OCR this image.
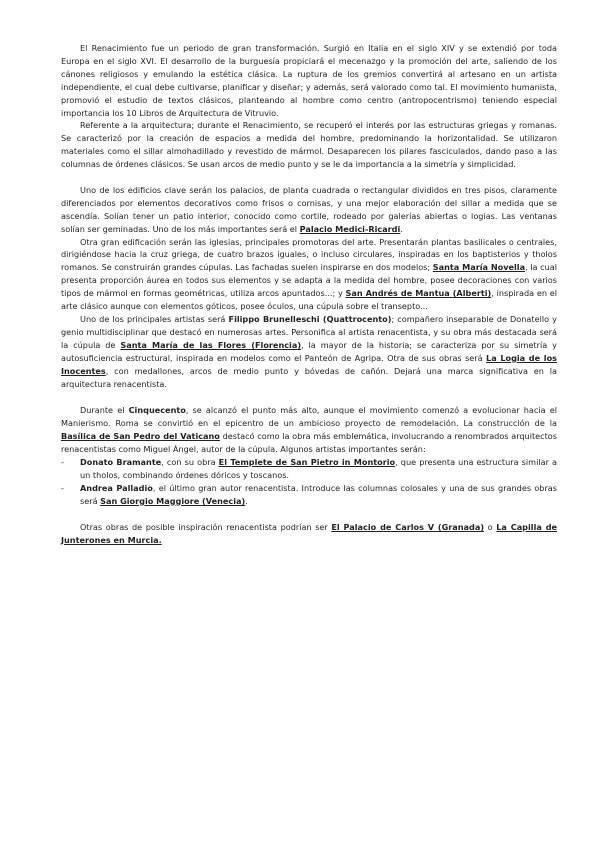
El Renacimiento fue un periodo de gran transformación. Surgió en Italia en el siglo XIV y se extendió por toda Europa en el siglo XVI. El desarrollo de la burguesía propiciará el mecenazgo y la promoción del arte, saliendo de los cánones religiosos y emulando la estética clásica. La ruptura de los gremios convertirá al artesano en un artista independiente, el cual debe cultivarse, planificar y diseñar; y además, será valorado como tal. El movimiento humanista, promovió el estudio de textos clásicos, planteando al hombre como centro (antropocentrismo) teniendo especial importancia los 10 Libros de Arquitectura de Vitruvio.

Referente a la arquitectura; durante el Renacimiento, se recuperó el interés por las estructuras griegas y romanas. Se caracterizó por la creación de espacios a medida del hombre, predominando la horizontalidad. Se utilizaron materiales como el sillar almohadillado y revestido de mármol. Desaparecen los pilares fasciculados, dando paso a las columnas de órdenes clásicos. Se usan arcos de medio punto y se le da importancia a la simetría y simplicidad.

Uno de los edificios clave serán los palacios, de planta cuadrada o rectangular divididos en tres pisos, claramente diferenciados por elementos decorativos como frisos o cornisas, y una mejor elaboración del sillar a medida que se ascendía. Solían tener un patio interior, conocido como cortile, rodeado por galerías abiertas o logias. Las ventanas solían ser geminadas. Uno de los más importantes será el Palacio Medici-Ricardi.

Otra gran edificación serán las iglesias, principales promotoras del arte. Presentarán plantas basilicales o centrales, dirigiéndose hacia la cruz griega, de cuatro brazos iguales, o incluso circulares, inspiradas en los baptisterios y tholos romanos. Se construirán grandes cúpulas. Las fachadas suelen inspirarse en dos modelos; Santa María Novella, la cual presenta proporción áurea en todos sus elementos y se adapta a la medida del hombre, posee decoraciones con varios tipos de mármol en formas geométricas, utiliza arcos apuntados...; y San Andrés de Mantua (Alberti), inspirada en el arte clásico aunque con elementos góticos, posee óculos, una cúpula sobre el transepto...

Uno de los principales artistas será Filippo Brunelleschi (Quattrocento); compañero inseparable de Donatello y genio multidisciplinar que destacó en numerosas artes. Personifica al artista renacentista, y su obra más destacada será la cúpula de Santa María de las Flores (Florencia), la mayor de la historia; se caracteriza por su simetría y autosuficiencia estructural, inspirada en modelos como el Panteón de Agripa. Otra de sus obras será La Logia de los Inocentes, con medallones, arcos de medio punto y bóvedas de cañón. Dejará una marca significativa en la arquitectura renacentista.

Durante el Cinquecento, se alcanzó el punto más alto, aunque el movimiento comenzó a evolucionar hacia el Manierismo. Roma se convirtió en el epicentro de un ambicioso proyecto de remodelación. La construcción de la Basílica de San Pedro del Vaticano destacó como la obra más emblemática, involucrando a renombrados arquitectos renacentistas como Miguel Ángel, autor de la cúpula. Algunos artistas importantes serán:

- Donato Bramante, con su obra El Templete de San Pietro in Montorio, que presenta una estructura similar a un tholos, combinando órdenes dóricos y toscanos.
- Andrea Palladio, el último gran autor renacentista. Introduce las columnas colosales y una de sus grandes obras será San Giorgio Maggiore (Venecia).

Otras obras de posible inspiración renacentista podrían ser El Palacio de Carlos V (Granada) o La Capilla de Junterones en Murcia.
